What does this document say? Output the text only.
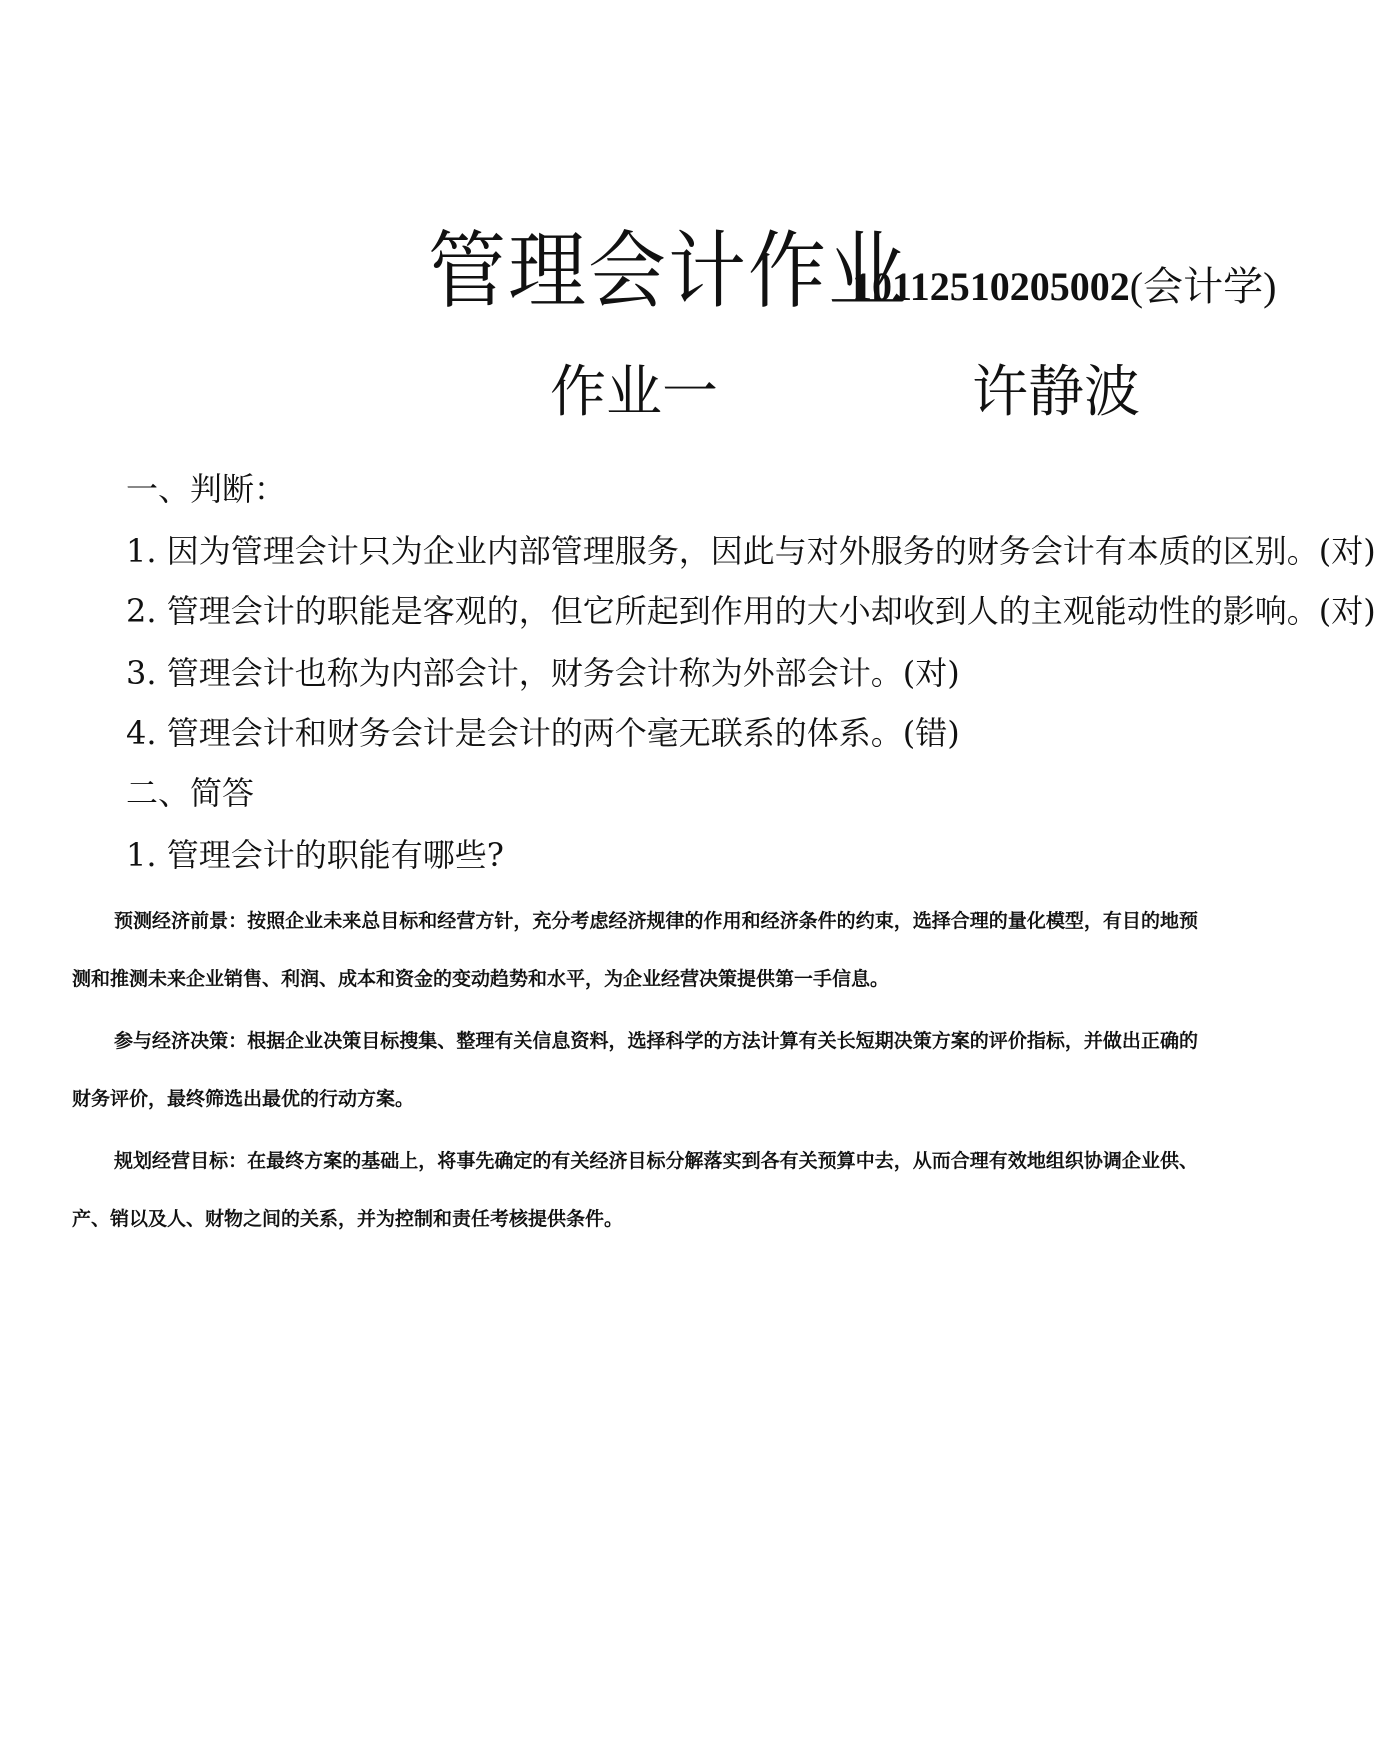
管理会计作业
10112510205002(会计学)
作业一	许静波
一、判断：
1. 因为管理会计只为企业内部管理服务，因此与对外服务的财务会计有本质的区别。(对)
2. 管理会计的职能是客观的，但它所起到作用的大小却收到人的主观能动性的影响。(对)
3. 管理会计也称为内部会计，财务会计称为外部会计。(对)
4. 管理会计和财务会计是会计的两个毫无联系的体系。(错)
二、简答
1. 管理会计的职能有哪些?
预测经济前景：按照企业未来总目标和经营方针，充分考虑经济规律的作用和经济条件的约束，选择合理的量化模型，有目的地预测和推测未来企业销售、利润、成本和资金的变动趋势和水平，为企业经营决策提供第一手信息。
参与经济决策：根据企业决策目标搜集、整理有关信息资料，选择科学的方法计算有关长短期决策方案的评价指标，并做出正确的财务评价，最终筛选出最优的行动方案。
规划经营目标：在最终方案的基础上，将事先确定的有关经济目标分解落实到各有关预算中去，从而合理有效地组织协调企业供、产、销以及人、财物之间的关系，并为控制和责任考核提供条件。
